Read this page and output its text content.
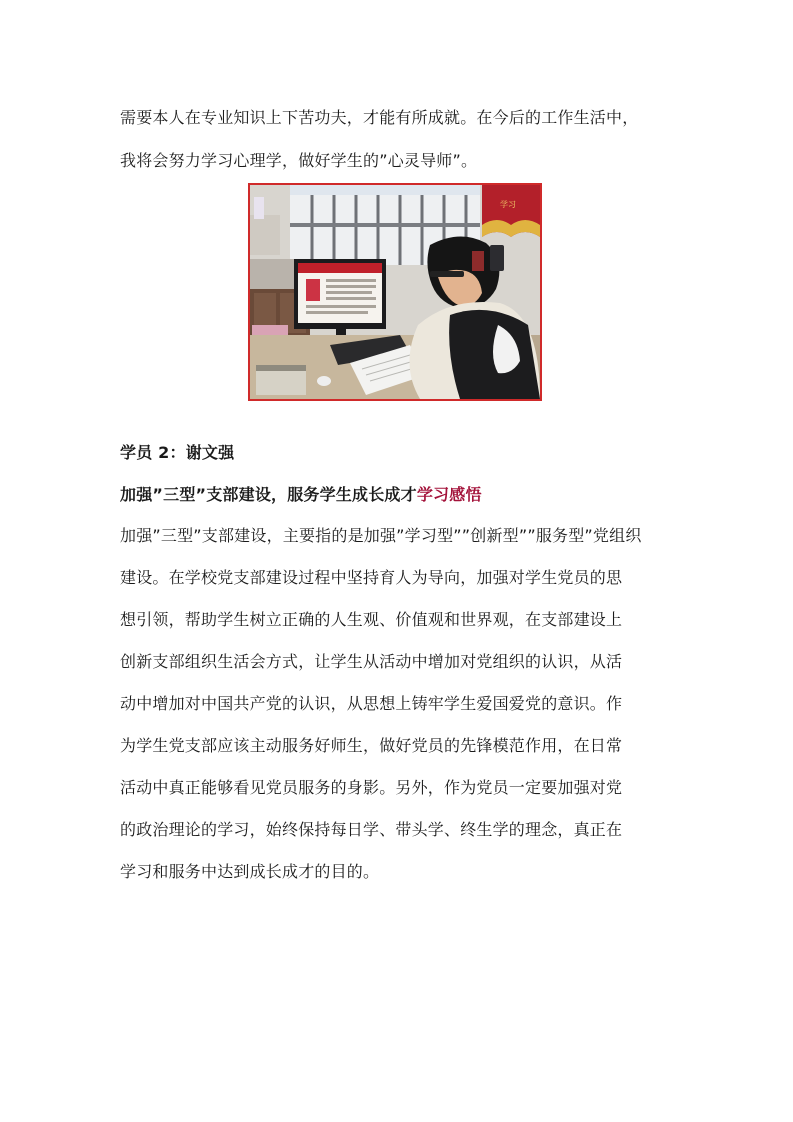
需要本人在专业知识上下苦功夫，才能有所成就。在今后的工作生活中，
我将会努力学习心理学，做好学生的”心灵导师”。
学习
学员 2：谢文强
加强”三型”支部建设，服务学生成长成才学习感悟
加强”三型”支部建设，主要指的是加强”学习型””创新型””服务型”党组织
建设。在学校党支部建设过程中坚持育人为导向，加强对学生党员的思
想引领，帮助学生树立正确的人生观、价值观和世界观，在支部建设上
创新支部组织生活会方式，让学生从活动中增加对党组织的认识，从活
动中增加对中国共产党的认识，从思想上铸牢学生爱国爱党的意识。作
为学生党支部应该主动服务好师生，做好党员的先锋模范作用，在日常
活动中真正能够看见党员服务的身影。另外，作为党员一定要加强对党
的政治理论的学习，始终保持每日学、带头学、终生学的理念，真正在
学习和服务中达到成长成才的目的。
